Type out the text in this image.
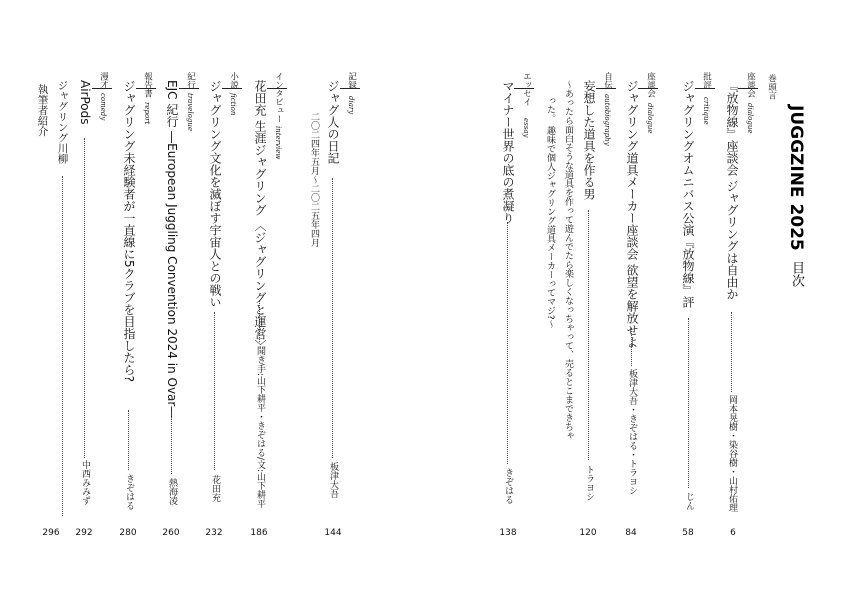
JUGGZINE 2025目次
巻頭言
座談会
dialogue
『放物線』座談会 ジャグリングは自由か
岡本晃樹・染谷樹・山村佑理
6
批評
critique
ジャグリングオムニバス公演『放物線』評
じん
58
座談会
dialogue
ジャグリング道具メーカー座談会 欲望を解放せよ
板津大吾・きぞはる・トラヨシ
84
自伝
autobiography
妄想した道具を作る男
トラヨシ
〜あったら面白そうな道具を作って遊んでたら楽しくなっちゃって、売るとこまできちゃ
った。 趣味で個人ジャグリング道具メーカーってマジ?〜
120
エッセイ
essay
マイナー世界の底の煮凝り
きぞはる
138
記録
diary
ジャグ人の日記
二〇二四年五月〜二〇二五年四月
板津大吾
144
インタビュー
interview
花田充 生涯ジャグリング 〈ジャグリングと運営〉
聞き手:山下耕平・きぞはる/文:山下耕平
186
小説
fiction
ジャグリング文化を滅ぼす宇宙人との戦い
花田充
232
紀行
travelogue
EJC 紀行 ―European Juggling Convention 2024 in Ovar―
熱海凌
260
報告書
report
ジャグリング未経験者が一直線に5クラブを目指したら?
きぞはる
280
漫才
comedy
AirPods
中西みみず
292
ジャグリング川柳
執筆者紹介
296
